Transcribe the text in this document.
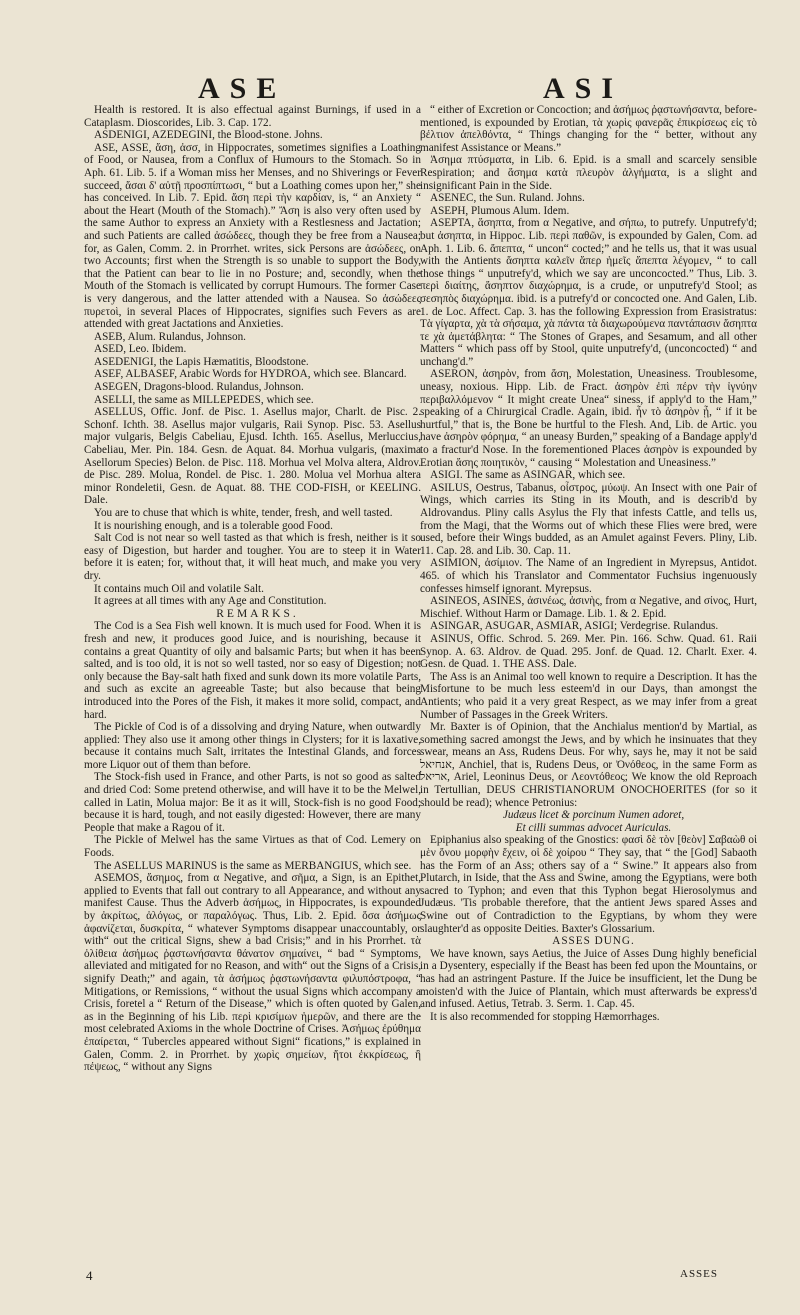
ASE	ASI

Health is restored. It is also effectual against Burnings, if used in a Cataplasm. Dioscorides, Lib. 3. Cap. 172.

ASDENIGI, AZEDEGINI, the Blood-stone. Johns.

ASE, ASSE, ἄση, ἀσσ, in Hippocrates, sometimes signifies a Loathing of Food, or Nausea, from a Conflux of Humours to the Stomach. So in Aph. 61. Lib. 5. if a Woman miss her Menses, and no Shiverings or Fever succeed, ἄσαι δ' αὐτῇ προσπίπτωσι, “ but a Loathing comes upon her,” she has conceived. In Lib. 7. Epid. ἄση περὶ τὴν καρδίαν, is, “ an Anxiety “ about the Heart (Mouth of the Stomach).” Ἄση is also very often used by the same Author to express an Anxiety with a Restlesness and Jactation; and such Patients are called ἀσώδεες, though they be free from a Nausea; for, as Galen, Comm. 2. in Prorrhet. writes, sick Persons are ἀσώδεες, on two Accounts; first when the Strength is so unable to support the Body, that the Patient can bear to lie in no Posture; and, secondly, when the Mouth of the Stomach is vellicated by corrupt Humours. The former Case is very dangerous, and the latter attended with a Nausea. So ἀσώδεες πυρετοὶ, in several Places of Hippocrates, signifies such Fevers as are attended with great Jactations and Anxieties.

ASEB, Alum. Rulandus, Johnson.

ASED, Leo. Ibidem.

ASEDENIGI, the Lapis Hæmatitis, Bloodstone.

ASEF, ALBASEF, Arabic Words for HYDROA, which see. Blancard.

ASEGEN, Dragons-blood. Rulandus, Johnson.

ASELLI, the same as MILLEPEDES, which see.

ASELLUS, Offic. Jonf. de Pisc. 1. Asellus major, Charlt. de Pisc. 2. Schonf. Ichth. 38. Asellus major vulgaris, Raii Synop. Pisc. 53. Asellus major vulgaris, Belgis Cabeliau, Ejusd. Ichth. 165. Asellus, Merluccius, Cabeliau, Mer. Pin. 184. Gesn. de Aquat. 84. Morhua vulgaris, (maxima Asellorum Species) Belon. de Pisc. 118. Morhua vel Molva altera, Aldrov. de Pisc. 289. Molua, Rondel. de Pisc. 1. 280. Molua vel Morhua altera minor Rondeletii, Gesn. de Aquat. 88. THE COD-FISH, or KEELING. Dale.

You are to chuse that which is white, tender, fresh, and well tasted.

It is nourishing enough, and is a tolerable good Food.

Salt Cod is not near so well tasted as that which is fresh, neither is it so easy of Digestion, but harder and tougher. You are to steep it in Water before it is eaten; for, without that, it will heat much, and make you very dry.

It contains much Oil and volatile Salt.

It agrees at all times with any Age and Constitution.

REMARKS.

The Cod is a Sea Fish well known. It is much used for Food. When it is fresh and new, it produces good Juice, and is nourishing, because it contains a great Quantity of oily and balsamic Parts; but when it has been salted, and is too old, it is not so well tasted, nor so easy of Digestion; not only because the Bay-salt hath fixed and sunk down its more volatile Parts, and such as excite an agreeable Taste; but also because that being introduced into the Pores of the Fish, it makes it more solid, compact, and hard.

The Pickle of Cod is of a dissolving and drying Nature, when outwardly applied: They also use it among other things in Clysters; for it is laxative, because it contains much Salt, irritates the Intestinal Glands, and forces more Liquor out of them than before.

The Stock-fish used in France, and other Parts, is not so good as salted and dried Cod: Some pretend otherwise, and will have it to be the Melwel, called in Latin, Molua major: Be it as it will, Stock-fish is no good Food; because it is hard, tough, and not easily digested: However, there are many People that make a Ragou of it.

The Pickle of Melwel has the same Virtues as that of Cod. Lemery on Foods.

The ASELLUS MARINUS is the same as MERBANGIUS, which see.

ASEMOS, ἄσημος, from α Negative, and σῆμα, a Sign, is an Epithet, applied to Events that fall out contrary to all Appearance, and without any manifest Cause. Thus the Adverb ἀσήμως, in Hippocrates, is expounded by ἀκρίτως, ἀλόγως, or παραλόγως. Thus, Lib. 2. Epid. ὅσα ἀσήμως ἀφανίζεται, δυσκρίτα, “ whatever Symptoms disappear unaccountably, or with“ out the critical Signs, shew a bad Crisis;” and in his Prorrhet. τὰ ὀλίθεια ἀσήμως ῥᾳστωνήσαντα θάνατον σημαίνει, “ bad “ Symptoms, alleviated and mitigated for no Reason, and with“ out the Signs of a Crisis, signify Death;” and again, τὰ ἀσήμως ῥᾳστωνήσαντα φιλυπόστροφα, “ Mitigations, or Remissions, “ without the usual Signs which accompany a Crisis, foretel a “ Return of the Disease,” which is often quoted by Galen, as in the Beginning of his Lib. περὶ κρισίμων ἡμερῶν, and there are the most celebrated Axioms in the whole Doctrine of Crises. Ἀσήμως ἐρύθημα ἐπαίρεται, “ Tubercles appeared without Signi“ fications,” is explained in Galen, Comm. 2. in Prorrhet. by χωρὶς σημείων, ἤτοι ἐκκρίσεως, ἢ πέψεως, “ without any Signs

“ either of Excretion or Concoction; and ἀσήμως ῥᾳστωνήσαντα, before-mentioned, is expounded by Erotian, τὰ χωρὶς φανερᾶς ἐπικρίσεως εἰς τὸ βέλτιον ἀπελθόντα, “ Things changing for the “ better, without any manifest Assistance or Means.”

Ἀσημα πτύσματα, in Lib. 6. Epid. is a small and scarcely sensible Respiration; and ἄσημα κατὰ πλευρὸν ἀλγήματα, is a slight and insignificant Pain in the Side.

ASENEC, the Sun. Ruland. Johns.

ASEPH, Plumous Alum. Idem.

ASEPTA, ἄσηπτα, from α Negative, and σήπω, to putrefy. Unputrefy'd; but ἀσηπτα, in Hippoc. Lib. περὶ παθῶν, is expounded by Galen, Com. ad Aph. 1. Lib. 6. ἄπεπτα, “ uncon“ cocted;” and he tells us, that it was usual with the Antients ἄσηπτα καλεῖν ἅπερ ἡμεῖς ἄπεπτα λέγομεν, “ to call those things “ unputrefy'd, which we say are unconcocted.” Thus, Lib. 3. περὶ διαίτης, ἄσηπτον διαχώρημα, is a crude, or unputrefy'd Stool; as σεσηπὸς διαχώρημα. ibid. is a putrefy'd or concocted one. And Galen, Lib. 1. de Loc. Affect. Cap. 3. has the following Expression from Erasistratus: Τὰ γίγαρτα, χὰ τὰ σήσαμα, χὰ πάντα τὰ διαχωρούμενα παντάπασιν ἄσηπτα τε χὰ ἀμετάβλητα: “ The Stones of Grapes, and Sesamum, and all other Matters “ which pass off by Stool, quite unputrefy'd, (unconcocted) “ and unchang'd.”

ASERON, ἀσηρὸν, from ἄση, Molestation, Uneasiness. Troublesome, uneasy, noxious. Hipp. Lib. de Fract. ἀσηρὸν ἐπὶ πέρν τὴν ἰγνύην περιβαλλόμενον “ It might create Unea“ siness, if apply'd to the Ham,” speaking of a Chirurgical Cradle. Again, ibid. ἦν τὸ ἀσηρὸν ᾖ, “ if it be hurtful,” that is, the Bone be hurtful to the Flesh. And, Lib. de Artic. you have ἀσηρὸν φόρημα, “ an uneasy Burden,” speaking of a Bandage apply'd to a fractur'd Nose. In the forementioned Places ἀσηρὸν is expounded by Erotian ἄσης ποιητικὸν, “ causing “ Molestation and Uneasiness.”

ASIGI. The same as ASINGAR, which see.

ASILUS, Oestrus, Tabanus, οἶστρος, μύωψ. An Insect with one Pair of Wings, which carries its Sting in its Mouth, and is describ'd by Aldrovandus. Pliny calls Asylus the Fly that infests Cattle, and tells us, from the Magi, that the Worms out of which these Flies were bred, were used, before their Wings budded, as an Amulet against Fevers. Pliny, Lib. 11. Cap. 28. and Lib. 30. Cap. 11.

ASIMION, ἀσίμιον. The Name of an Ingredient in Myrepsus, Antidot. 465. of which his Translator and Commentator Fuchsius ingenuously confesses himself ignorant. Myrepsus.

ASINEOS, ASINES, ἀσινέως, ἀσινὴς, from α Negative, and σίνος, Hurt, Mischief. Without Harm or Damage. Lib. 1. & 2. Epid.

ASINGAR, ASUGAR, ASMIAR, ASIGI; Verdegrise. Rulandus.

ASINUS, Offic. Schrod. 5. 269. Mer. Pin. 166. Schw. Quad. 61. Raii Synop. A. 63. Aldrov. de Quad. 295. Jonf. de Quad. 12. Charlt. Exer. 4. Gesn. de Quad. 1. THE ASS. Dale.

The Ass is an Animal too well known to require a Description. It has the Misfortune to be much less esteem'd in our Days, than amongst the Antients; who paid it a very great Respect, as we may infer from a great Number of Passages in the Greek Writers.

Mr. Baxter is of Opinion, that the Anchialus mention'd by Martial, as something sacred amongst the Jews, and by which he insinuates that they swear, means an Ass, Rudens Deus. For why, says he, may it not be said אנחיאל, Anchiel, that is, Rudens Deus, or Ὀνόθεος, in the same Form as אריאל, Ariel, Leoninus Deus, or Λεοντόθεος; We know the old Reproach in Tertullian, DEUS CHRISTIANORUM ONOCHOERITES (for so it should be read); whence Petronius:

Judæus licet & porcinum Numen adoret,

Et cilli summas advocet Auriculas.

Epiphanius also speaking of the Gnostics: φασὶ δὲ τὸν [θεὸν] Σαβαὼθ οἱ μὲν ὄνου μορφὴν ἔχειν, οἱ δὲ χοίρου “ They say, that “ the [God] Sabaoth has the Form of an Ass; others say of a “ Swine.” It appears also from Plutarch, in Iside, that the Ass and Swine, among the Egyptians, were both sacred to Typhon; and even that this Typhon begat Hierosolymus and Judæus. 'Tis probable therefore, that the antient Jews spared Asses and Swine out of Contradiction to the Egyptians, by whom they were slaughter'd as opposite Deities. Baxter's Glossarium.

ASSES DUNG.

We have known, says Aetius, the Juice of Asses Dung highly beneficial in a Dysentery, especially if the Beast has been fed upon the Mountains, or has had an astringent Pasture. If the Juice be insufficient, let the Dung be moisten'd with the Juice of Plantain, which must afterwards be express'd and infused. Aetius, Tetrab. 3. Serm. 1. Cap. 45.

It is also recommended for stopping Hæmorrhages.

4	ASSES
